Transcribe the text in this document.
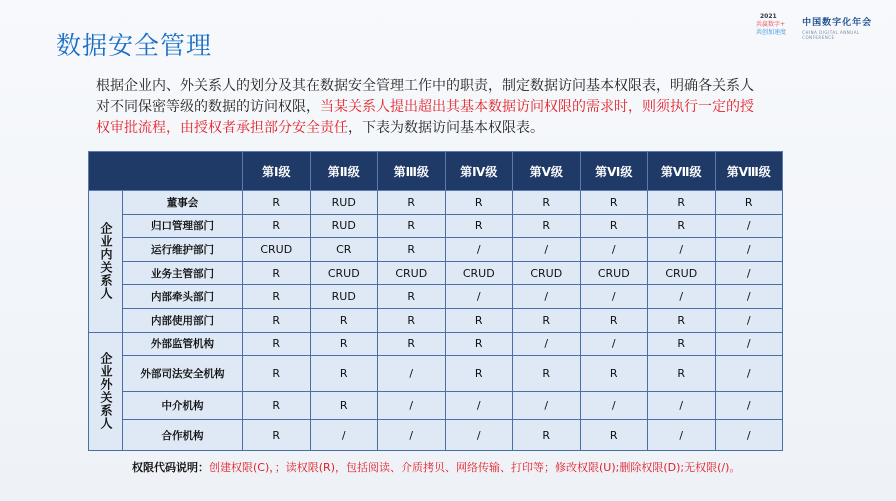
数据安全管理
2021
共赢数字+
共创加速度
中国数字化年会
CHINA DIGITAL ANNUAL CONFERENCE
根据企业内、外关系人的划分及其在数据安全管理工作中的职责，制定数据访问基本权限表，明确各关系人对不同保密等级的数据的访问权限，当某关系人提出超出其基本数据访问权限的需求时，则须执行一定的授权审批流程，由授权者承担部分安全责任，下表为数据访问基本权限表。
		第Ⅰ级	第Ⅱ级	第Ⅲ级	第Ⅳ级	第Ⅴ级	第Ⅵ级	第Ⅶ级	第Ⅷ级
企业内关系人	董事会	R	RUD	R	R	R	R	R	R
	归口管理部门	R	RUD	R	R	R	R	R	/
	运行维护部门	CRUD	CR	R	/	/	/	/	/
	业务主管部门	R	CRUD	CRUD	CRUD	CRUD	CRUD	CRUD	/
	内部牵头部门	R	RUD	R	/	/	/	/	/
	内部使用部门	R	R	R	R	R	R	R	/
企业外关系人	外部监管机构	R	R	R	R	/	/	R	/
	外部司法安全机构	R	R	/	R	R	R	R	/
	中介机构	R	R	/	/	/	/	/	/
	合作机构	R	/	/	/	R	R	/	/
权限代码说明：创建权限(C)，；读权限(R)，包括阅读、介质拷贝、网络传输、打印等；修改权限(U);删除权限(D);无权限(/)。
